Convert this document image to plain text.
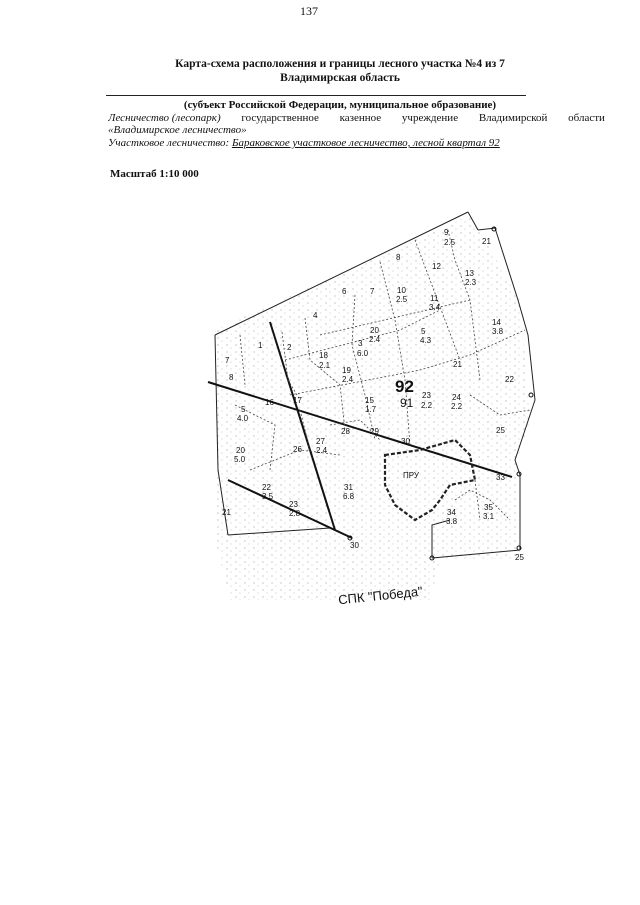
137
Карта-схема расположения и границы лесного участка №4 из 7
Владимирская область
(субъект Российской Федерации, муниципальное образование)
Лесничество (лесопарк) государственное казенное учреждение Владимирской области
«Владимирское лесничество»
Участковое лесничество: Бараковское участковое лесничество, лесной квартал 92
Масштаб 1:10 000
92
91
ПРУ
1	2	3
6.0
4
5
4.0
5
4.3
6	7
7
8
8
9
2.5
10
2.5	11
3.4
12
13
2.3
14
3.8
15
1.7
16 17
18
2.1
19
2.4
20
2.4
20
5.0
21
21
22
22
3.5
23
2.2
23
2.8
24
2.2
25
26
27
2.4
28	29
30
31
6.8
33
34
3.8
35
3.1
21
25
30
СПК "Победа"
